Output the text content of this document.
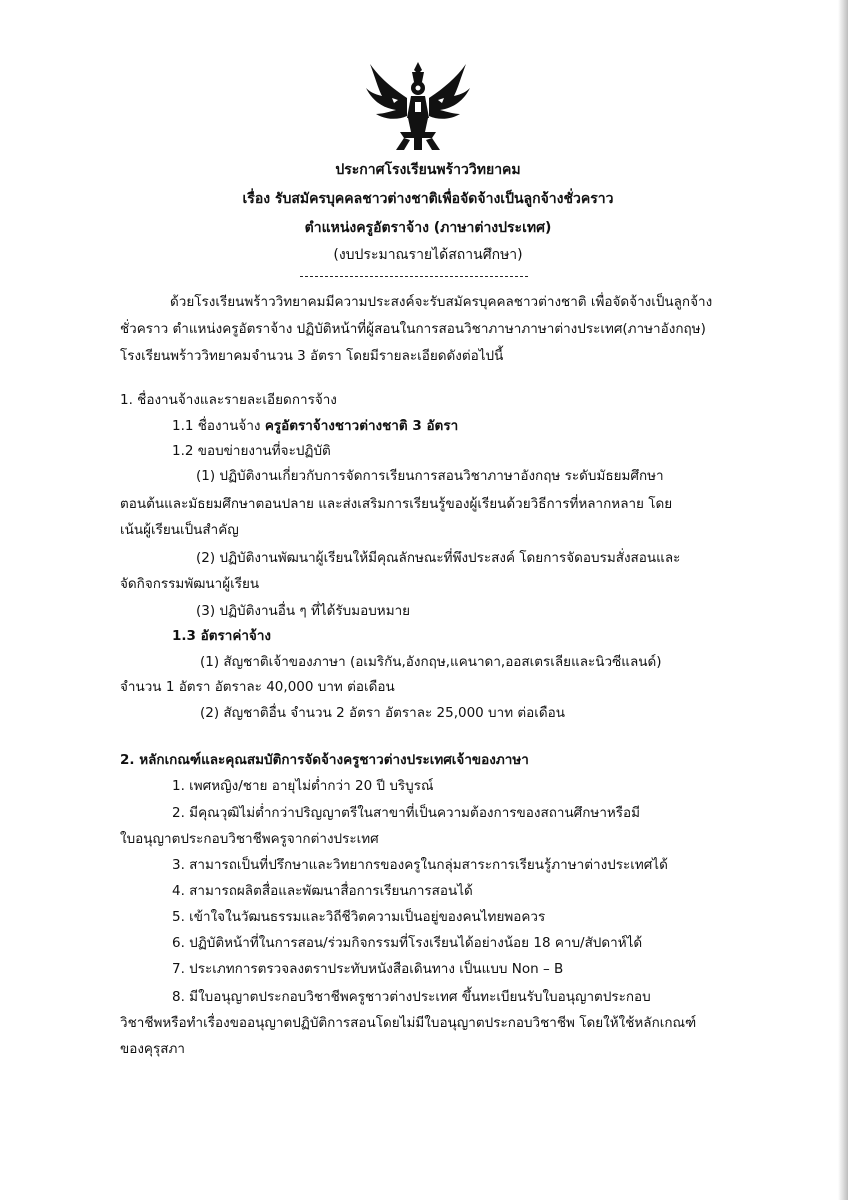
ประกาศโรงเรียนพร้าววิทยาคม
เรื่อง รับสมัครบุคคลชาวต่างชาติเพื่อจัดจ้างเป็นลูกจ้างชั่วคราว
ตำแหน่งครูอัตราจ้าง (ภาษาต่างประเทศ)
(งบประมาณรายได้สถานศึกษา)
ด้วยโรงเรียนพร้าววิทยาคมมีความประสงค์จะรับสมัครบุคคลชาวต่างชาติ เพื่อจัดจ้างเป็นลูกจ้าง
ชั่วคราว ตำแหน่งครูอัตราจ้าง ปฏิบัติหน้าที่ผู้สอนในการสอนวิชาภาษาภาษาต่างประเทศ(ภาษาอังกฤษ)
โรงเรียนพร้าววิทยาคมจำนวน 3 อัตรา โดยมีรายละเอียดดังต่อไปนี้
1. ชื่องานจ้างและรายละเอียดการจ้าง
1.1 ชื่องานจ้าง ครูอัตราจ้างชาวต่างชาติ 3 อัตรา
1.2 ขอบข่ายงานที่จะปฏิบัติ
(1) ปฏิบัติงานเกี่ยวกับการจัดการเรียนการสอนวิชาภาษาอังกฤษ ระดับมัธยมศึกษา
ตอนต้นและมัธยมศึกษาตอนปลาย และส่งเสริมการเรียนรู้ของผู้เรียนด้วยวิธีการที่หลากหลาย โดย
เน้นผู้เรียนเป็นสำคัญ
(2) ปฏิบัติงานพัฒนาผู้เรียนให้มีคุณลักษณะที่พึงประสงค์ โดยการจัดอบรมสั่งสอนและ
จัดกิจกรรมพัฒนาผู้เรียน
(3) ปฏิบัติงานอื่น ๆ ที่ได้รับมอบหมาย
1.3 อัตราค่าจ้าง
(1) สัญชาติเจ้าของภาษา (อเมริกัน,อังกฤษ,แคนาดา,ออสเตรเลียและนิวซีแลนด์)
จำนวน 1 อัตรา อัตราละ 40,000 บาท ต่อเดือน
(2) สัญชาติอื่น จำนวน 2 อัตรา อัตราละ 25,000 บาท ต่อเดือน
2. หลักเกณฑ์และคุณสมบัติการจัดจ้างครูชาวต่างประเทศเจ้าของภาษา
1. เพศหญิง/ชาย อายุไม่ต่ำกว่า 20 ปี บริบูรณ์
2. มีคุณวุฒิไม่ต่ำกว่าปริญญาตรีในสาขาที่เป็นความต้องการของสถานศึกษาหรือมี
ใบอนุญาตประกอบวิชาชีพครูจากต่างประเทศ
3. สามารถเป็นที่ปรึกษาและวิทยากรของครูในกลุ่มสาระการเรียนรู้ภาษาต่างประเทศได้
4. สามารถผลิตสื่อและพัฒนาสื่อการเรียนการสอนได้
5. เข้าใจในวัฒนธรรมและวิถีชีวิตความเป็นอยู่ของคนไทยพอควร
6. ปฏิบัติหน้าที่ในการสอน/ร่วมกิจกรรมที่โรงเรียนได้อย่างน้อย 18 คาบ/สัปดาห์ได้
7. ประเภทการตรวจลงตราประทับหนังสือเดินทาง เป็นแบบ Non – B
8. มีใบอนุญาตประกอบวิชาชีพครูชาวต่างประเทศ ขึ้นทะเบียนรับใบอนุญาตประกอบ
วิชาชีพหรือทำเรื่องขออนุญาตปฏิบัติการสอนโดยไม่มีใบอนุญาตประกอบวิชาชีพ โดยให้ใช้หลักเกณฑ์
ของคุรุสภา
